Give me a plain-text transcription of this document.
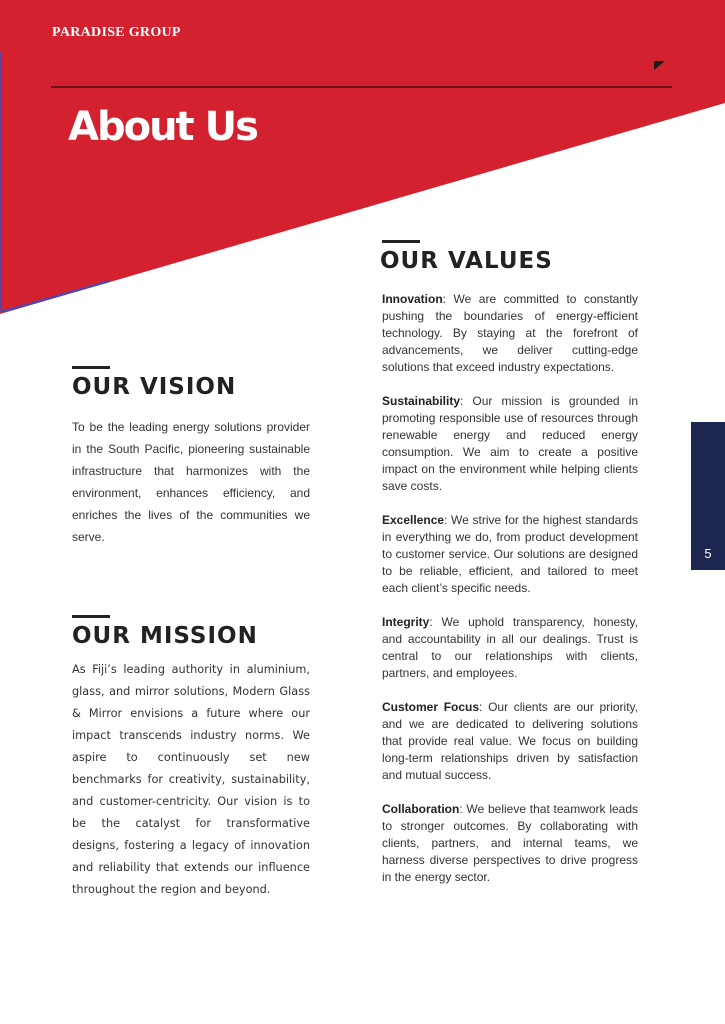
PARADISE GROUP
About Us
OUR VISION
To be the leading energy solutions provider in the South Pacific, pioneering sustainable infrastructure that harmonizes with the environment, enhances efficiency, and enriches the lives of the communities we serve.
OUR MISSION
As Fiji’s leading authority in aluminium, glass, and mirror solutions, Modern Glass & Mirror envisions a future where our impact transcends industry norms. We aspire to continuously set new benchmarks for creativity, sustainability, and customer-centricity. Our vision is to be the catalyst for transformative designs, fostering a legacy of innovation and reliability that extends our influence throughout the region and beyond.
OUR VALUES

Innovation: We are committed to constantly pushing the boundaries of energy-efficient technology. By staying at the forefront of advancements, we deliver cutting-edge solutions that exceed industry expectations.

Sustainability: Our mission is grounded in promoting responsible use of resources through renewable energy and reduced energy consumption. We aim to create a positive impact on the environment while helping clients save costs.

Excellence: We strive for the highest standards in everything we do, from product development to customer service. Our solutions are designed to be reliable, efficient, and tailored to meet each client’s specific needs.

Integrity: We uphold transparency, honesty, and accountability in all our dealings. Trust is central to our relationships with clients, partners, and employees.

Customer Focus: Our clients are our priority, and we are dedicated to delivering solutions that provide real value. We focus on building long-term relationships driven by satisfaction and mutual success.

Collaboration: We believe that teamwork leads to stronger outcomes. By collaborating with clients, partners, and internal teams, we harness diverse perspectives to drive progress in the energy sector.

5
